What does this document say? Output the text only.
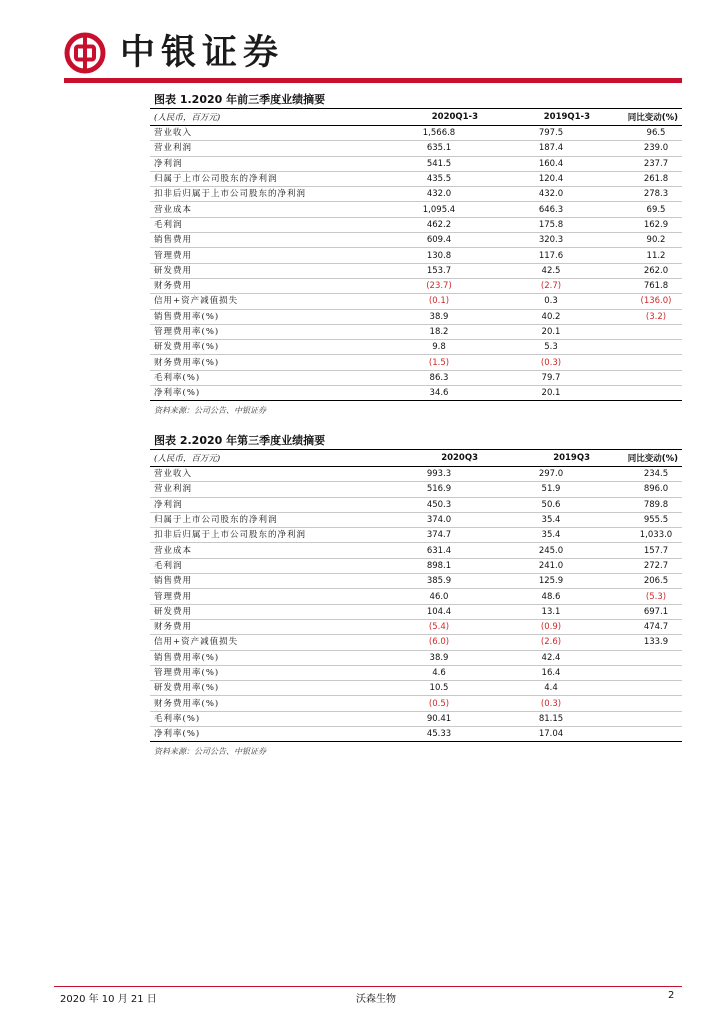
中银证券
图表 1.2020 年前三季度业绩摘要
(人民币，百万元)	2020Q1-3	2019Q1-3	同比变动(%)
营业收入	1,566.8	797.5	96.5
营业利润	635.1	187.4	239.0
净利润	541.5	160.4	237.7
归属于上市公司股东的净利润	435.5	120.4	261.8
扣非后归属于上市公司股东的净利润	432.0	432.0	278.3
营业成本	1,095.4	646.3	69.5
毛利润	462.2	175.8	162.9
销售费用	609.4	320.3	90.2
管理费用	130.8	117.6	11.2
研发费用	153.7	42.5	262.0
财务费用	(23.7)	(2.7)	761.8
信用+资产减值损失	(0.1)	0.3	(136.0)
销售费用率(%)	38.9	40.2	(3.2)
管理费用率(%)	18.2	20.1	
研发费用率(%)	9.8	5.3	
财务费用率(%)	(1.5)	(0.3)	
毛利率(%)	86.3	79.7	
净利率(%)	34.6	20.1	
资料来源：公司公告、中银证券
图表 2.2020 年第三季度业绩摘要
(人民币，百万元)	2020Q3	2019Q3	同比变动(%)
营业收入	993.3	297.0	234.5
营业利润	516.9	51.9	896.0
净利润	450.3	50.6	789.8
归属于上市公司股东的净利润	374.0	35.4	955.5
扣非后归属于上市公司股东的净利润	374.7	35.4	1,033.0
营业成本	631.4	245.0	157.7
毛利润	898.1	241.0	272.7
销售费用	385.9	125.9	206.5
管理费用	46.0	48.6	(5.3)
研发费用	104.4	13.1	697.1
财务费用	(5.4)	(0.9)	474.7
信用+资产减值损失	(6.0)	(2.6)	133.9
销售费用率(%)	38.9	42.4	
管理费用率(%)	4.6	16.4	
研发费用率(%)	10.5	4.4	
财务费用率(%)	(0.5)	(0.3)	
毛利率(%)	90.41	81.15	
净利率(%)	45.33	17.04	
资料来源：公司公告、中银证券
2020 年 10 月 21 日	沃森生物	2
